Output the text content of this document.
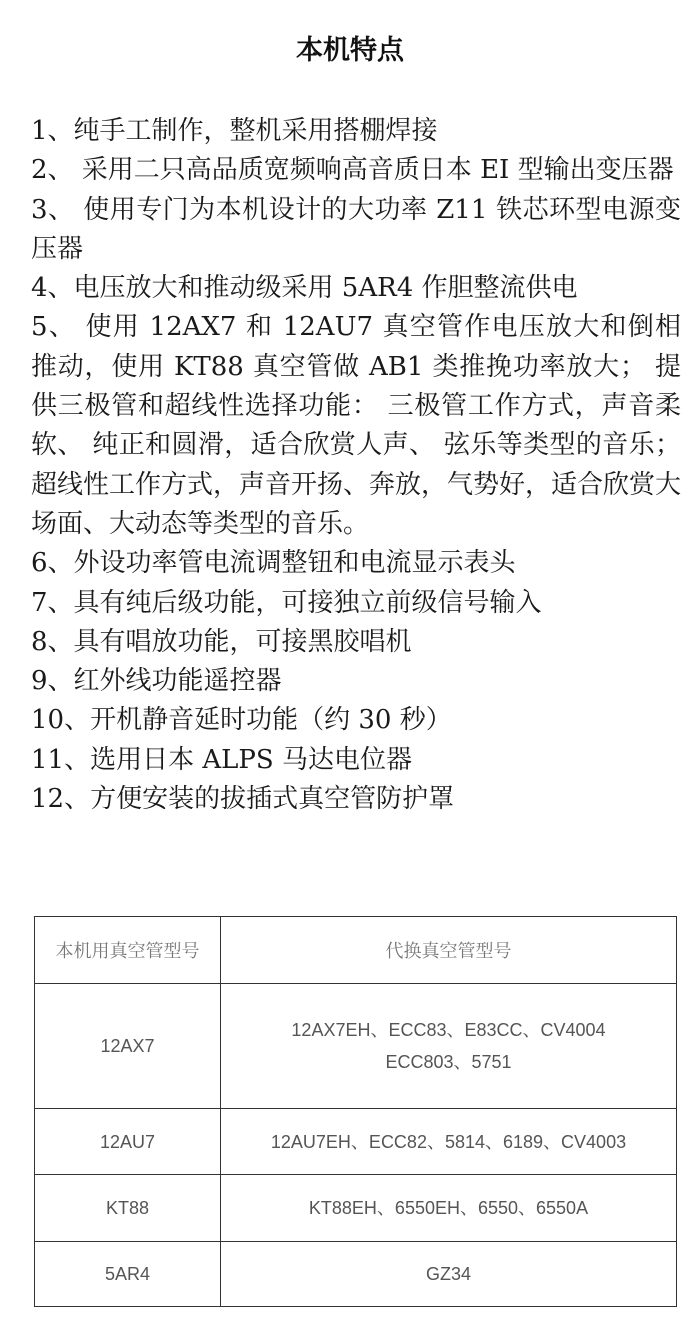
本机特点
1、纯手工制作，整机采用搭棚焊接
2、 采用二只高品质宽频响高音质日本 EI 型输出变压器
3、 使用专门为本机设计的大功率 Z11 铁芯环型电源变压器
4、电压放大和推动级采用 5AR4 作胆整流供电
5、 使用 12AX7 和 12AU7 真空管作电压放大和倒相推动，使用 KT88 真空管做 AB1 类推挽功率放大； 提供三极管和超线性选择功能： 三极管工作方式，声音柔软、 纯正和圆滑，适合欣赏人声、 弦乐等类型的音乐； 超线性工作方式，声音开扬、奔放，气势好，适合欣赏大场面、大动态等类型的音乐。
6、外设功率管电流调整钮和电流显示表头
7、具有纯后级功能，可接独立前级信号输入
8、具有唱放功能，可接黑胶唱机
9、红外线功能遥控器
10、开机静音延时功能（约 30 秒）
11、选用日本 ALPS 马达电位器
12、方便安装的拔插式真空管防护罩
本机用真空管型号	代换真空管型号
12AX7	12AX7EH、ECC83、E83CC、CV4004
ECC803、5751

12AU7	12AU7EH、ECC82、5814、6189、CV4003

KT88	KT88EH、6550EH、6550、6550A

5AR4	GZ34
